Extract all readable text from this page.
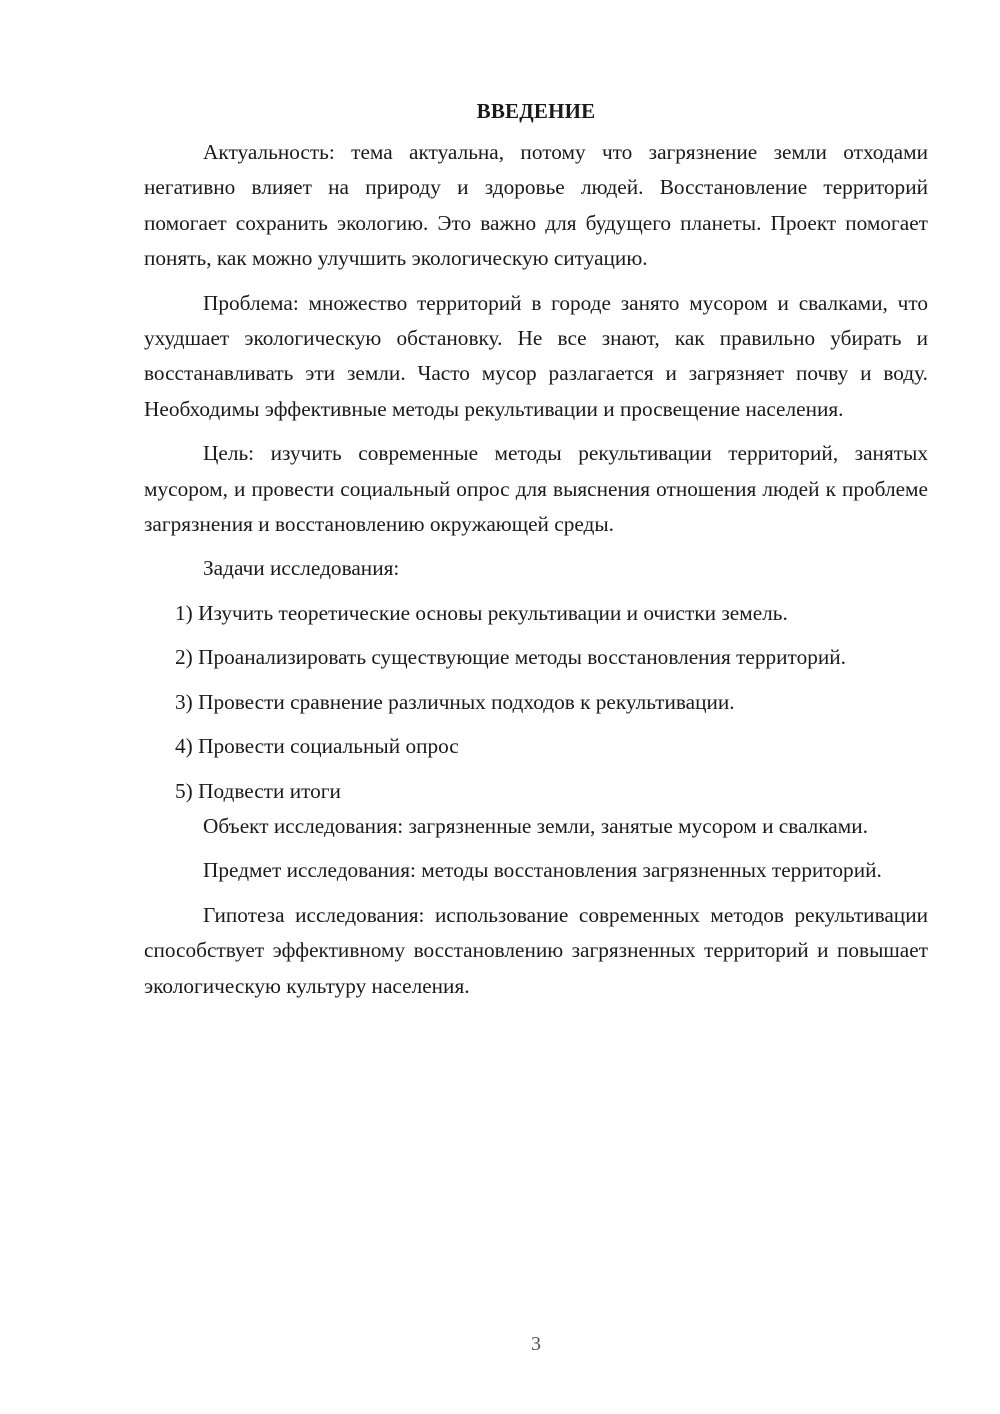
ВВЕДЕНИЕ

Актуальность: тема актуальна, потому что загрязнение земли отходами негативно влияет на природу и здоровье людей. Восстановление территорий помогает сохранить экологию. Это важно для будущего планеты. Проект помогает понять, как можно улучшить экологическую ситуацию.

Проблема: множество территорий в городе занято мусором и свалками, что ухудшает экологическую обстановку. Не все знают, как правильно убирать и восстанавливать эти земли. Часто мусор разлагается и загрязняет почву и воду. Необходимы эффективные методы рекультивации и просвещение населения.

Цель: изучить современные методы рекультивации территорий, занятых мусором, и провести социальный опрос для выяснения отношения людей к проблеме загрязнения и восстановлению окружающей среды.

Задачи исследования:

1) Изучить теоретические основы рекультивации и очистки земель.

2) Проанализировать существующие методы восстановления территорий.

3) Провести сравнение различных подходов к рекультивации.

4) Провести социальный опрос

5) Подвести итоги

Объект исследования: загрязненные земли, занятые мусором и свалками.

Предмет исследования: методы восстановления загрязненных территорий.

Гипотеза исследования: использование современных методов рекультивации способствует эффективному восстановлению загрязненных территорий и повышает экологическую культуру населения.

3
